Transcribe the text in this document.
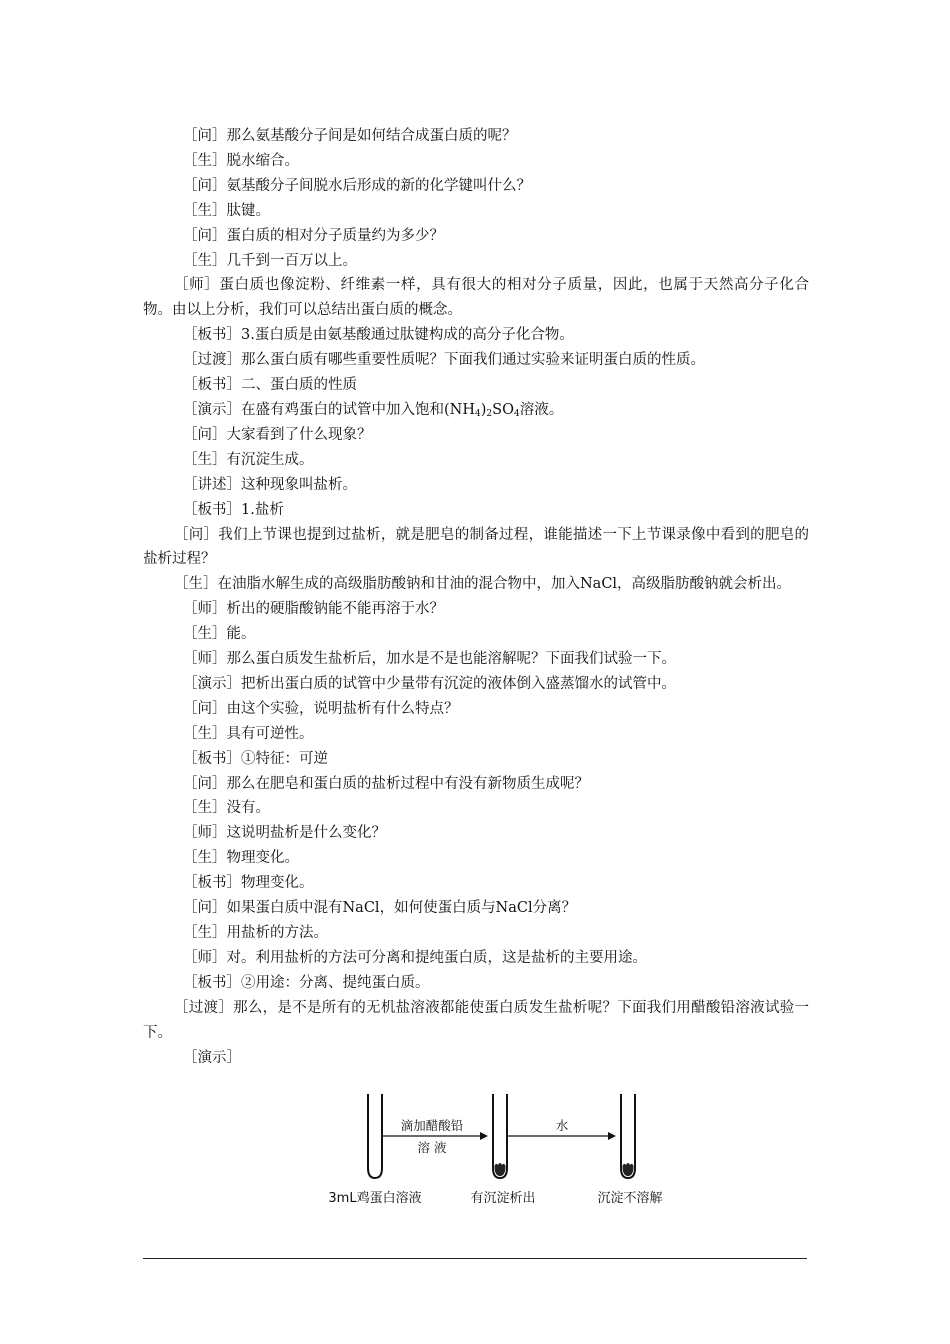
［问］那么氨基酸分子间是如何结合成蛋白质的呢？

［生］脱水缩合。

［问］氨基酸分子间脱水后形成的新的化学键叫什么？

［生］肽键。

［问］蛋白质的相对分子质量约为多少？

［生］几千到一百万以上。

［师］蛋白质也像淀粉、纤维素一样，具有很大的相对分子质量，因此，也属于天然高分子化合物。由以上分析，我们可以总结出蛋白质的概念。

［板书］3.蛋白质是由氨基酸通过肽键构成的高分子化合物。

［过渡］那么蛋白质有哪些重要性质呢？下面我们通过实验来证明蛋白质的性质。

［板书］二、蛋白质的性质

［演示］在盛有鸡蛋白的试管中加入饱和$(NH_4)_2SO_4$溶液。

［问］大家看到了什么现象？

［生］有沉淀生成。

［讲述］这种现象叫盐析。

［板书］1.盐析

［问］我们上节课也提到过盐析，就是肥皂的制备过程，谁能描述一下上节课录像中看到的肥皂的盐析过程？

［生］在油脂水解生成的高级脂肪酸钠和甘油的混合物中，加入NaCl，高级脂肪酸钠就会析出。

［师］析出的硬脂酸钠能不能再溶于水？

［生］能。

［师］那么蛋白质发生盐析后，加水是不是也能溶解呢？下面我们试验一下。

［演示］把析出蛋白质的试管中少量带有沉淀的液体倒入盛蒸馏水的试管中。

［问］由这个实验，说明盐析有什么特点？

［生］具有可逆性。

［板书］①特征：可逆

［问］那么在肥皂和蛋白质的盐析过程中有没有新物质生成呢？

［生］没有。

［师］这说明盐析是什么变化？

［生］物理变化。

［板书］物理变化。

［问］如果蛋白质中混有NaCl，如何使蛋白质与NaCl分离？

［生］用盐析的方法。

［师］对。利用盐析的方法可分离和提纯蛋白质，这是盐析的主要用途。

［板书］②用途：分离、提纯蛋白质。

［过渡］那么，是不是所有的无机盐溶液都能使蛋白质发生盐析呢？下面我们用醋酸铅溶液试验一下。

［演示］

滴加醋酸铅
溶 液
水
3mL鸡蛋白溶液	有沉淀析出	沉淀不溶解
